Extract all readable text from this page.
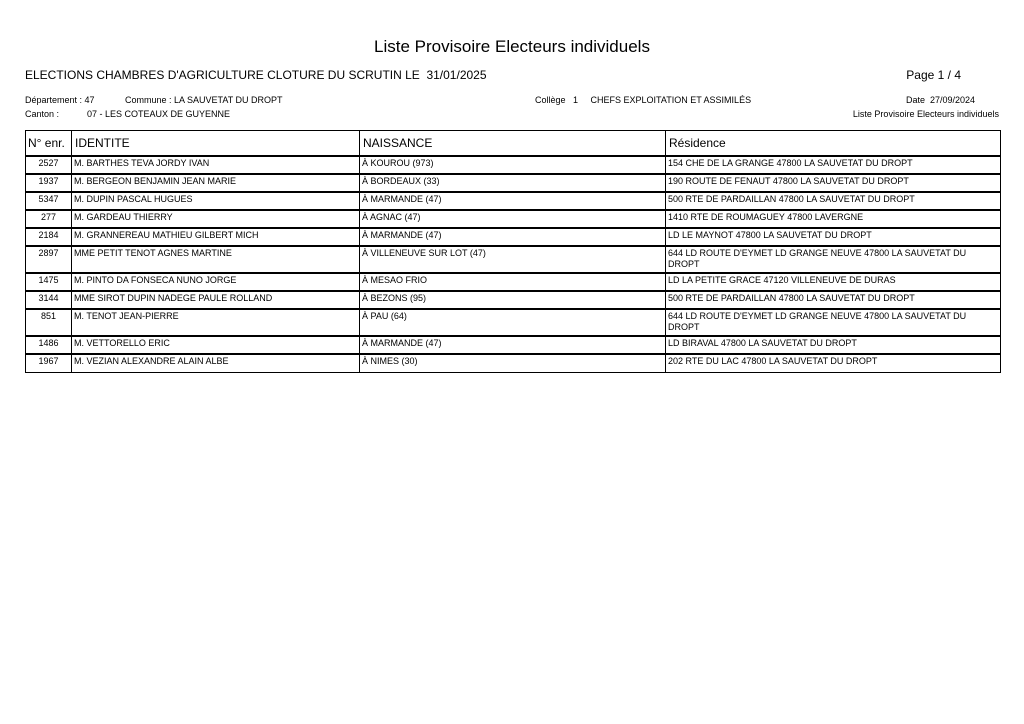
Liste Provisoire Electeurs individuels
ELECTIONS CHAMBRES D'AGRICULTURE CLOTURE DU SCRUTIN LE  31/01/2025	Page 1 / 4
Département : 47	Commune : LA SAUVETAT DU DROPT	Collège   1     CHEFS EXPLOITATION ET ASSIMILÉS	Date  27/09/2024
Canton :	07 - LES COTEAUX DE GUYENNE	Liste Provisoire Electeurs individuels
N° enr.	IDENTITE	NAISSANCE	Résidence
2527	M. BARTHES TEVA JORDY IVAN	À KOUROU (973)	154 CHE DE LA GRANGE 47800 LA SAUVETAT DU DROPT
1937	M. BERGEON BENJAMIN JEAN MARIE	À BORDEAUX (33)	190 ROUTE DE FENAUT 47800 LA SAUVETAT DU DROPT
5347	M. DUPIN PASCAL HUGUES	À MARMANDE (47)	500 RTE DE PARDAILLAN 47800 LA SAUVETAT DU DROPT
277	M. GARDEAU THIERRY	À AGNAC (47)	1410 RTE DE ROUMAGUEY 47800 LAVERGNE
2184	M. GRANNEREAU MATHIEU GILBERT MICH	À MARMANDE (47)	LD LE MAYNOT 47800 LA SAUVETAT DU DROPT
2897	MME PETIT TENOT AGNES MARTINE	À VILLENEUVE SUR LOT (47)	644 LD ROUTE D'EYMET LD GRANGE NEUVE 47800 LA SAUVETAT DU DROPT
1475	M. PINTO DA FONSECA NUNO JORGE	À MESAO FRIO	LD LA PETITE GRACE 47120 VILLENEUVE DE DURAS
3144	MME SIROT DUPIN NADEGE PAULE ROLLAND	À BEZONS (95)	500 RTE DE PARDAILLAN 47800 LA SAUVETAT DU DROPT
851	M. TENOT JEAN-PIERRE	À PAU (64)	644 LD ROUTE D'EYMET LD GRANGE NEUVE 47800 LA SAUVETAT DU DROPT
1486	M. VETTORELLO ERIC	À MARMANDE (47)	LD BIRAVAL 47800 LA SAUVETAT DU DROPT
1967	M. VEZIAN ALEXANDRE ALAIN ALBE	À NIMES (30)	202 RTE DU LAC 47800 LA SAUVETAT DU DROPT
